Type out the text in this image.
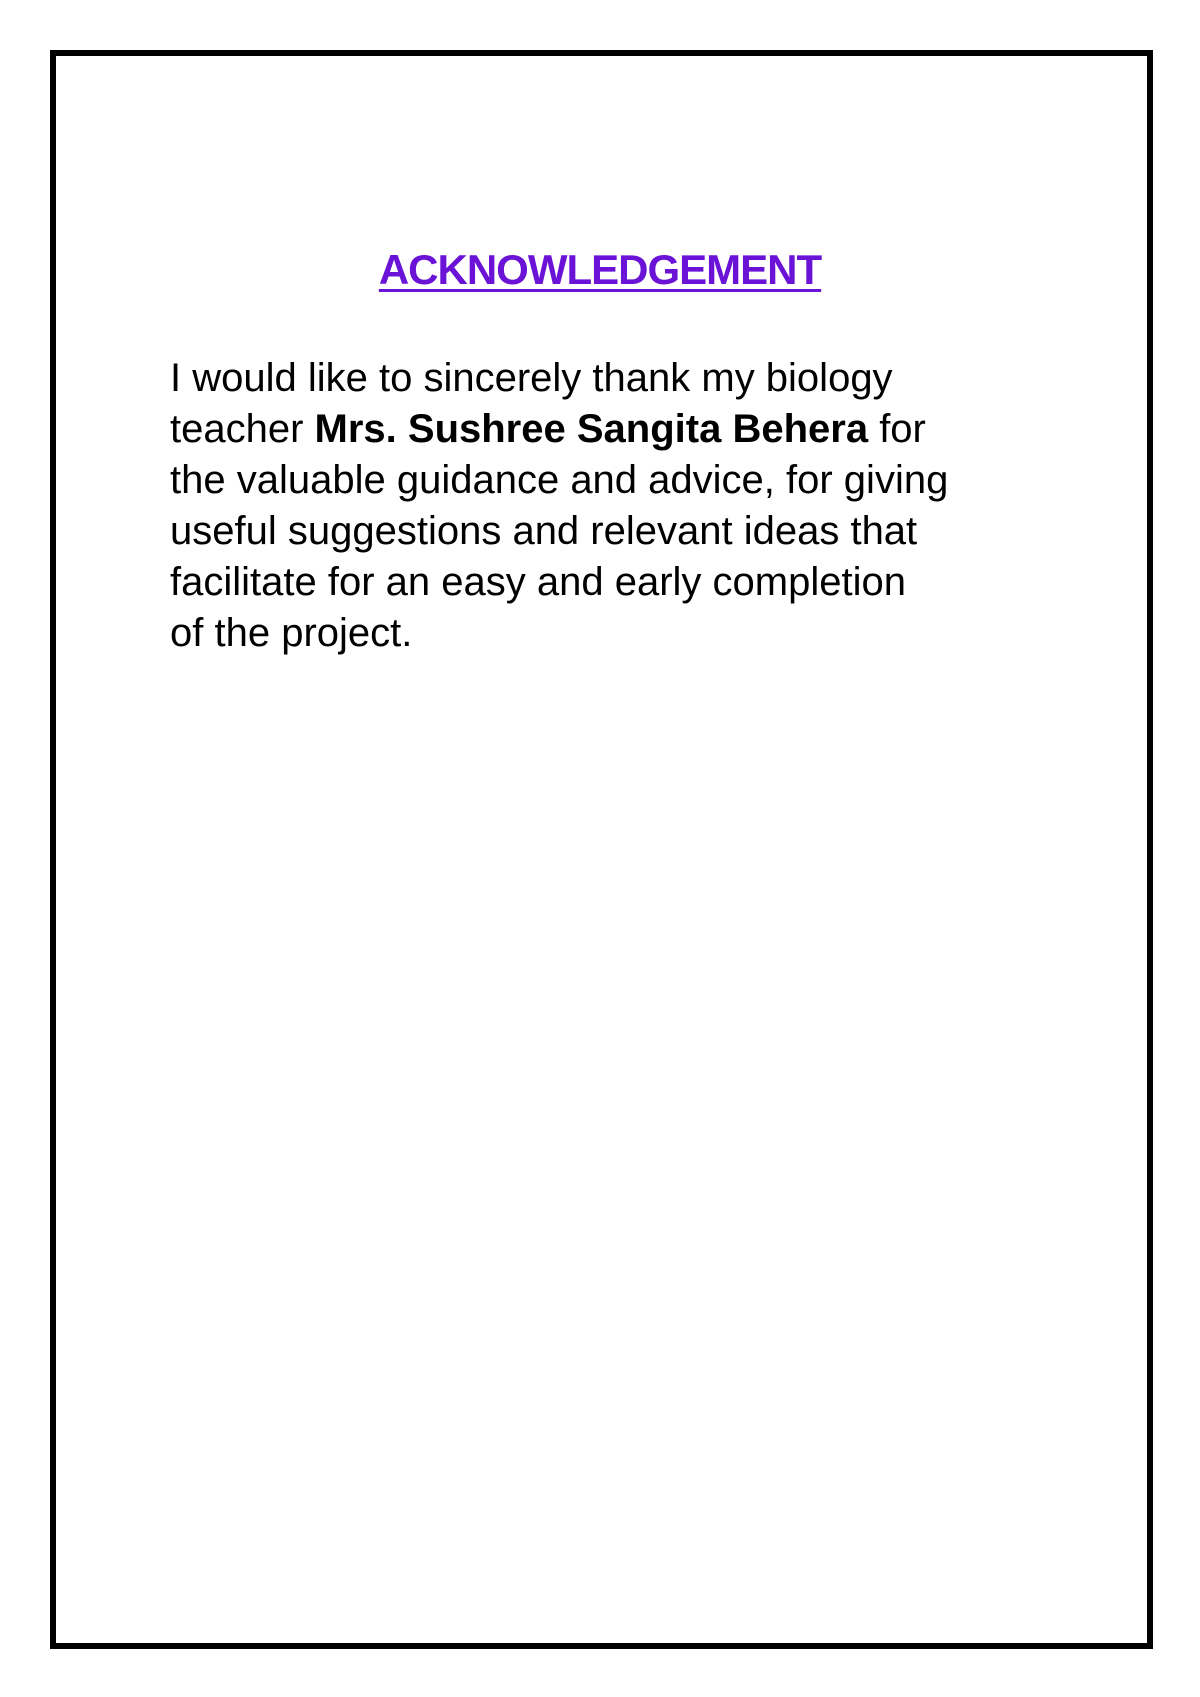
ACKNOWLEDGEMENT
I would like to sincerely thank my biology
teacher Mrs. Sushree Sangita Behera for
the valuable guidance and advice, for giving
useful suggestions and relevant ideas that
facilitate for an easy and early completion
of the project.
